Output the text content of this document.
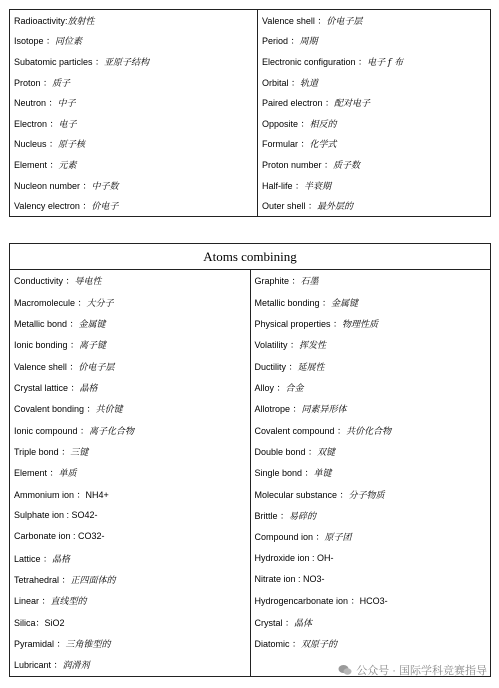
Radioactivity:放射性	Valence shell ：价电子层
Isotope ：同位素	Period ：周期
Subatomic particles ：亚原子结构	Electronic configuration ：电子 f 布
Proton ：质子	Orbital ：轨道
Neutron ：中子	Paired electron ：配对电子
Electron ：电子	Opposite ：相反的
Nucleus ：原子核	Formular ：化学式
Element ：元素	Proton number ：质子数
Nucleon number ：中子数	Half-life ：半衰期
Valency electron ：价电子	Outer shell ：最外层的
Atoms combining	
Conductivity ：导电性	Graphite ：石墨
Macromolecule ：大分子	Metallic bonding ：金属键
Metallic bond ：金属键	Physical properties ：物理性质
Ionic bonding ：离子键	Volatility ：挥发性
Valence shell ：价电子层	Ductility ：延展性
Crystal lattice ：晶格	Alloy ：合金
Covalent bonding ：共价键	Allotrope ：同素异形体
Ionic compound ：离子化合物	Covalent compound ：共价化合物
Triple bond ：三键	Double bond ：双键
Element ：单质	Single bond ：单键
Ammonium ion ：NH4+	Molecular substance ：分子物质
Sulphate ion : SO42-	Brittle ：易碎的
Carbonate ion : CO32-	Compound ion ：原子团
Lattice ：晶格	Hydroxide ion : OH-
Tetrahedral ：正四面体的	Nitrate ion : NO3-
Linear ：直线型的	Hydrogencarbonate ion ：HCO3-
Silica：SiO2	Crystal ：晶体
Pyramidal ：三角锥型的	Diatomic ：双原子的
Lubricant ：润滑剂		公众号 · 国际学科竞赛指导
